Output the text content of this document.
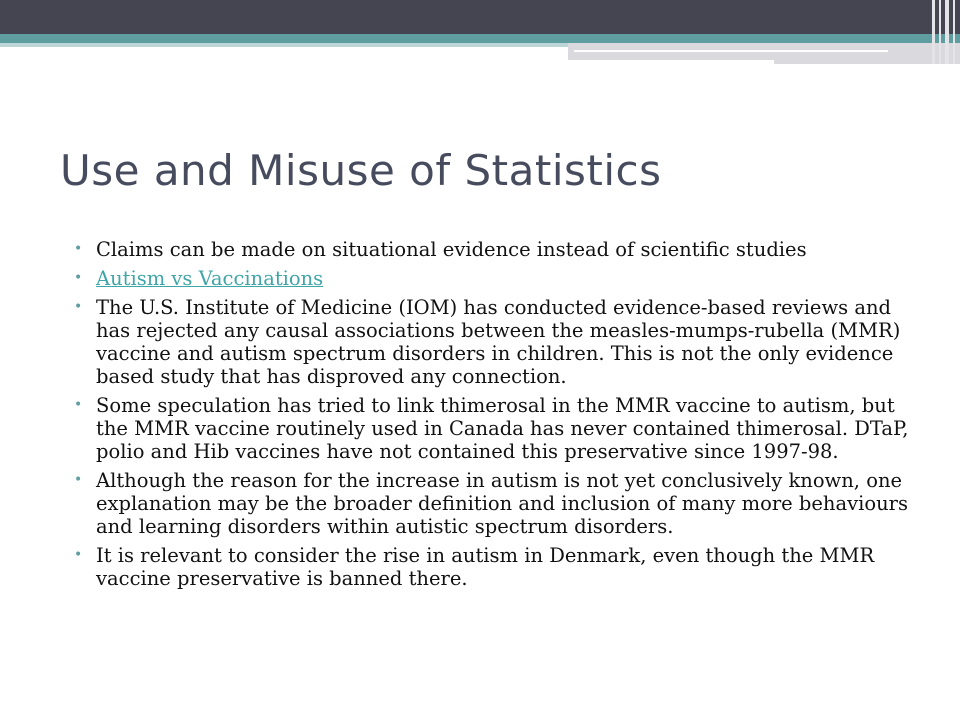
Use and Misuse of Statistics
• Claims can be made on situational evidence instead of scientific studies
• Autism vs Vaccinations
• The U.S. Institute of Medicine (IOM) has conducted evidence-based reviews and has rejected any causal associations between the measles-mumps-rubella (MMR) vaccine and autism spectrum disorders in children. This is not the only evidence based study that has disproved any connection.
• Some speculation has tried to link thimerosal in the MMR vaccine to autism, but the MMR vaccine routinely used in Canada has never contained thimerosal. DTaP, polio and Hib vaccines have not contained this preservative since 1997-98.
• Although the reason for the increase in autism is not yet conclusively known, one explanation may be the broader definition and inclusion of many more behaviours and learning disorders within autistic spectrum disorders.
• It is relevant to consider the rise in autism in Denmark, even though the MMR vaccine preservative is banned there.
